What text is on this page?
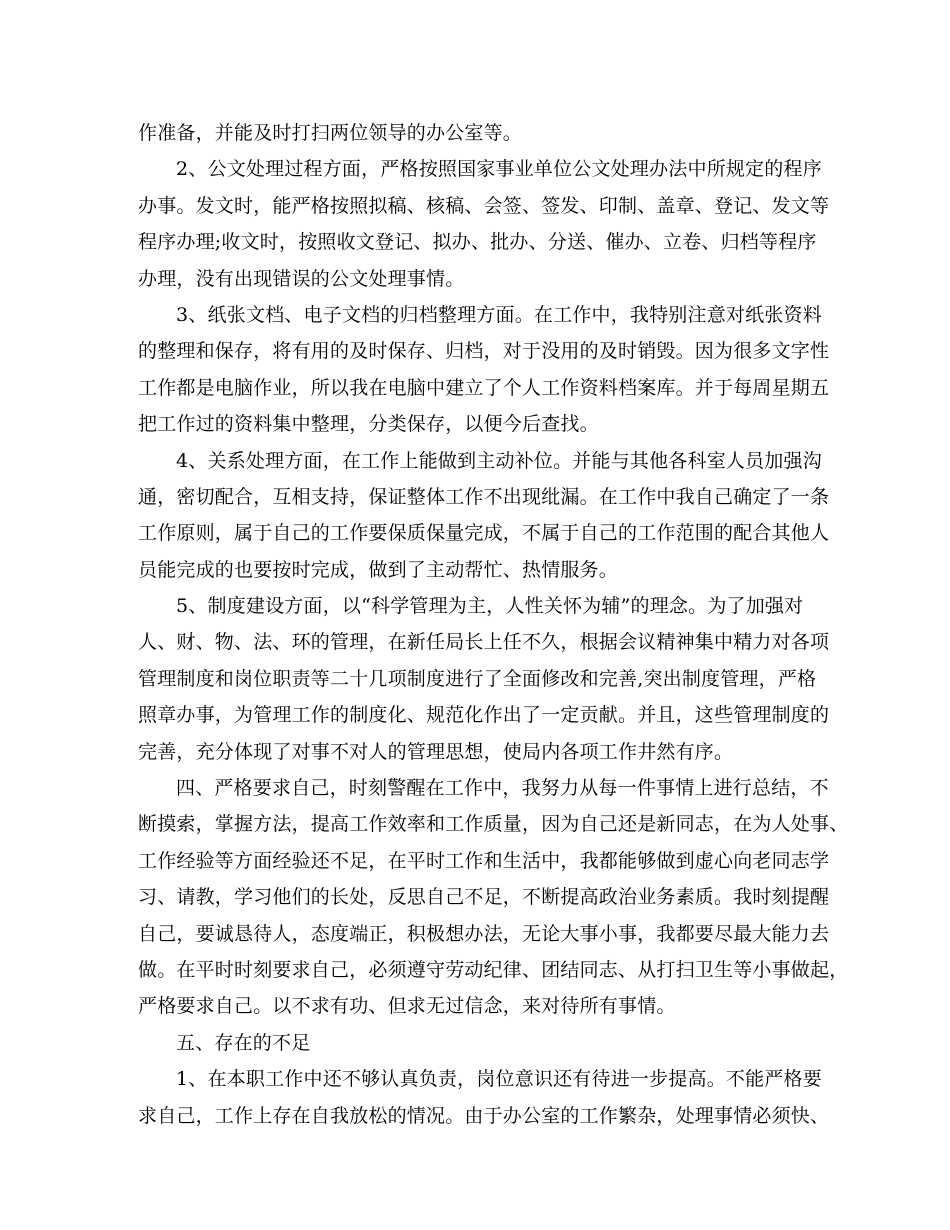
作准备，并能及时打扫两位领导的办公室等。
2、公文处理过程方面，严格按照国家事业单位公文处理办法中所规定的程序
办事。发文时，能严格按照拟稿、核稿、会签、签发、印制、盖章、登记、发文等
程序办理;收文时，按照收文登记、拟办、批办、分送、催办、立卷、归档等程序
办理，没有出现错误的公文处理事情。
3、纸张文档、电子文档的归档整理方面。在工作中，我特别注意对纸张资料
的整理和保存，将有用的及时保存、归档，对于没用的及时销毁。因为很多文字性
工作都是电脑作业，所以我在电脑中建立了个人工作资料档案库。并于每周星期五
把工作过的资料集中整理，分类保存，以便今后查找。
4、关系处理方面，在工作上能做到主动补位。并能与其他各科室人员加强沟
通，密切配合，互相支持，保证整体工作不出现纰漏。在工作中我自己确定了一条
工作原则，属于自己的工作要保质保量完成，不属于自己的工作范围的配合其他人
员能完成的也要按时完成，做到了主动帮忙、热情服务。
5、制度建设方面，以“科学管理为主，人性关怀为辅”的理念。为了加强对
人、财、物、法、环的管理，在新任局长上任不久，根据会议精神集中精力对各项
管理制度和岗位职责等二十几项制度进行了全面修改和完善,突出制度管理，严格
照章办事，为管理工作的制度化、规范化作出了一定贡献。并且，这些管理制度的
完善，充分体现了对事不对人的管理思想，使局内各项工作井然有序。
四、严格要求自己，时刻警醒在工作中，我努力从每一件事情上进行总结，不
断摸索，掌握方法，提高工作效率和工作质量，因为自己还是新同志，在为人处事、
工作经验等方面经验还不足，在平时工作和生活中，我都能够做到虚心向老同志学
习、请教，学习他们的长处，反思自己不足，不断提高政治业务素质。我时刻提醒
自己，要诚恳待人，态度端正，积极想办法，无论大事小事，我都要尽最大能力去
做。在平时时刻要求自己，必须遵守劳动纪律、团结同志、从打扫卫生等小事做起，
严格要求自己。以不求有功、但求无过信念，来对待所有事情。
五、存在的不足
1、在本职工作中还不够认真负责，岗位意识还有待进一步提高。不能严格要
求自己，工作上存在自我放松的情况。由于办公室的工作繁杂，处理事情必须快、
